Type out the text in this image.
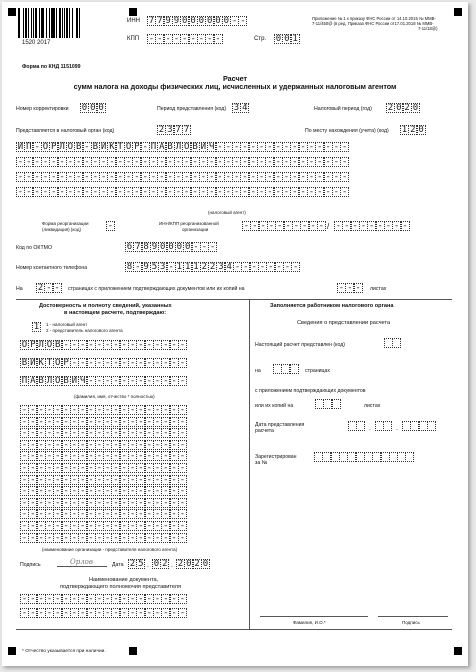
1520 2017
ИНН 7 7 9 9 0 0 0 0 0 0 - -
КПП - - - - - - - - -	Стр. 0 0 1
Приложение № 1 к приказу ФНС России от 14.10.2015 № ММВ-
7-11/450@ (в ред. Приказа ФНС России от17.01.2018 № ММВ-
7-11/18@)
Форма по КНД 1151099
Расчет
сумм налога на доходы физических лиц, исчисленных и удержанных налоговым агентом
Номер корректировки 0 0 0	Период представления (код) 3 4	Налоговый период (год) 2 0 2 0
Представляется в налоговый орган (код)	2 3 7 7	По месту нахождения (учета) (код) 1 2 0
И П - О Р Л О В - В И К Т О Р - П А В Л О В И Ч - - - - - - - - - - - - - - - -
- - - - - - - - - - - - - - - - - - - - - - - - - - - - - - - - - - - - - - - -
- - - - - - - - - - - - - - - - - - - - - - - - - - - - - - - - - - - - - - - -
- - - - - - - - - - - - - - - - - - - - - - - - - - - - - - - - - - - - - - - -
(налоговый агент)
Форма реорганизации
(ликвидация) (код)	-	ИНН/КПП реорганизованной
организации	- - - - - - - - - - / - - - - - - - - -
Код по ОКТМО	6 7 8 9 0 0 0 0 - - -
Номер контактного телефона	8 - 9 5 3 - 1 1 1 2 2 3 4 - - - - - - - -
На 2 - -	страницах с приложением подтверждающих документов или их копий на	- - -	листах
Достоверность и полноту сведений, указанных
в настоящем расчете, подтверждаю:
1	1 - налоговый агент
2 - представитель налогового агента
О Р Л О В - - - - - - - - - - - - - - -
В И К Т О Р - - - - - - - - - - - - - -
П А В Л О В И Ч - - - - - - - - - - - -
(фамилия, имя, отчество * полностью)
- - - - - - - - - - - - - - - - - - - -
- - - - - - - - - - - - - - - - - - - -
- - - - - - - - - - - - - - - - - - - -
- - - - - - - - - - - - - - - - - - - -
- - - - - - - - - - - - - - - - - - - -
- - - - - - - - - - - - - - - - - - - -
- - - - - - - - - - - - - - - - - - - -
- - - - - - - - - - - - - - - - - - - -
- - - - - - - - - - - - - - - - - - - -
- - - - - - - - - - - - - - - - - - - -
- - - - - - - - - - - - - - - - - - - -
- - - - - - - - - - - - - - - - - - - -
(наименование организации - представителя налогового агента)
Подпись	Орлов	Дата 2 5 . 0 2 . 2 0 2 0
Наименование документа,
подтверждающего полномочия представителя
- - - - - - - - - - - - - - - - - - - -
- - - - - - - - - - - - - - - - - - - -
Заполняется работником налогового органа
Сведения о представлении расчета
Настоящий расчет представлен (код)
на	страницах
с приложением подтверждающих документов
или их копий на	листах
Дата представления
расчета	.	.
Зарегистрирован
за №
Фамилия, И.О.*	Подпись
* Отчество указывается при наличии.
